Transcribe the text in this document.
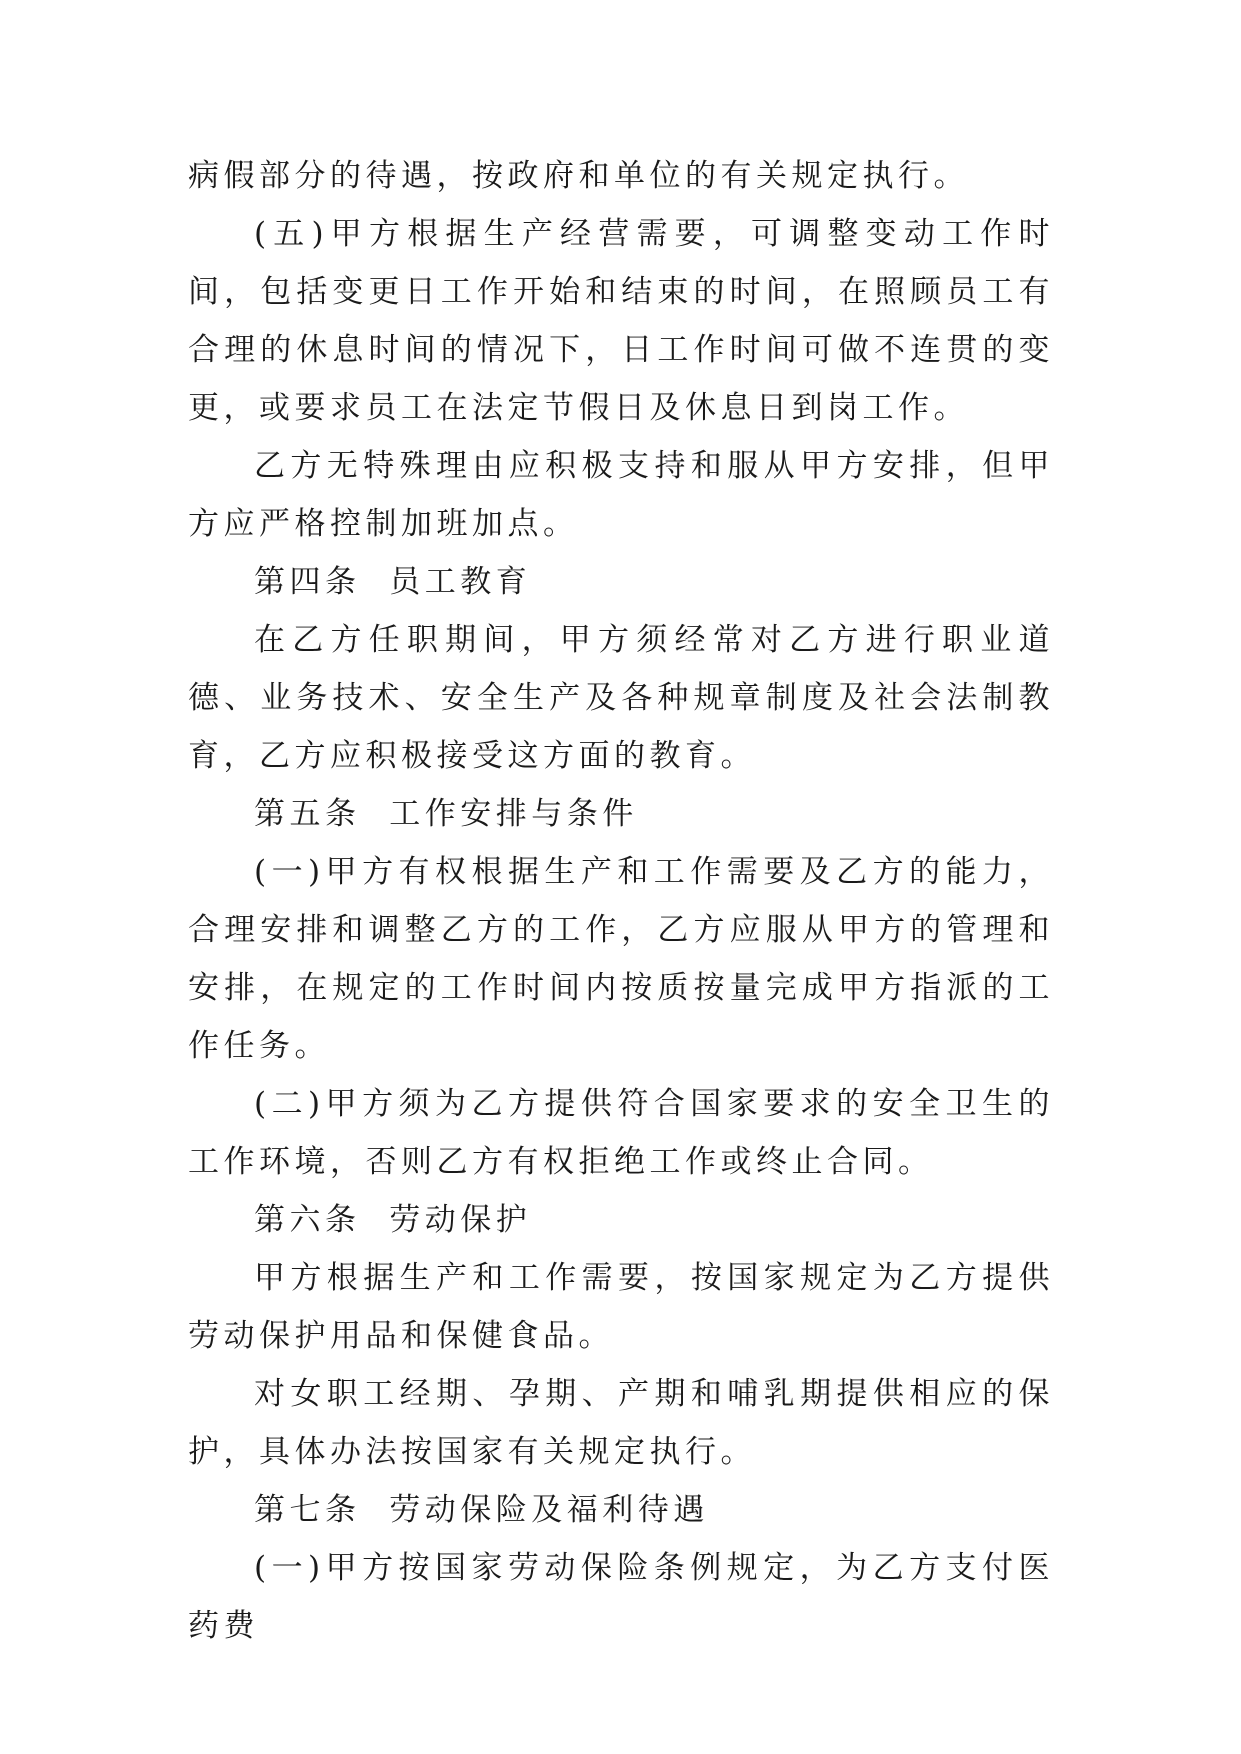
病假部分的待遇，按政府和单位的有关规定执行。

(五)甲方根据生产经营需要，可调整变动工作时间，包括变更日工作开始和结束的时间，在照顾员工有合理的休息时间的情况下，日工作时间可做不连贯的变更，或要求员工在法定节假日及休息日到岗工作。

乙方无特殊理由应积极支持和服从甲方安排，但甲方应严格控制加班加点。

第四条  员工教育

在乙方任职期间，甲方须经常对乙方进行职业道德、业务技术、安全生产及各种规章制度及社会法制教育，乙方应积极接受这方面的教育。

第五条  工作安排与条件

(一)甲方有权根据生产和工作需要及乙方的能力，合理安排和调整乙方的工作，乙方应服从甲方的管理和安排，在规定的工作时间内按质按量完成甲方指派的工作任务。

(二)甲方须为乙方提供符合国家要求的安全卫生的工作环境，否则乙方有权拒绝工作或终止合同。

第六条  劳动保护

甲方根据生产和工作需要，按国家规定为乙方提供劳动保护用品和保健食品。

对女职工经期、孕期、产期和哺乳期提供相应的保护，具体办法按国家有关规定执行。

第七条  劳动保险及福利待遇

(一)甲方按国家劳动保险条例规定，为乙方支付医药费
